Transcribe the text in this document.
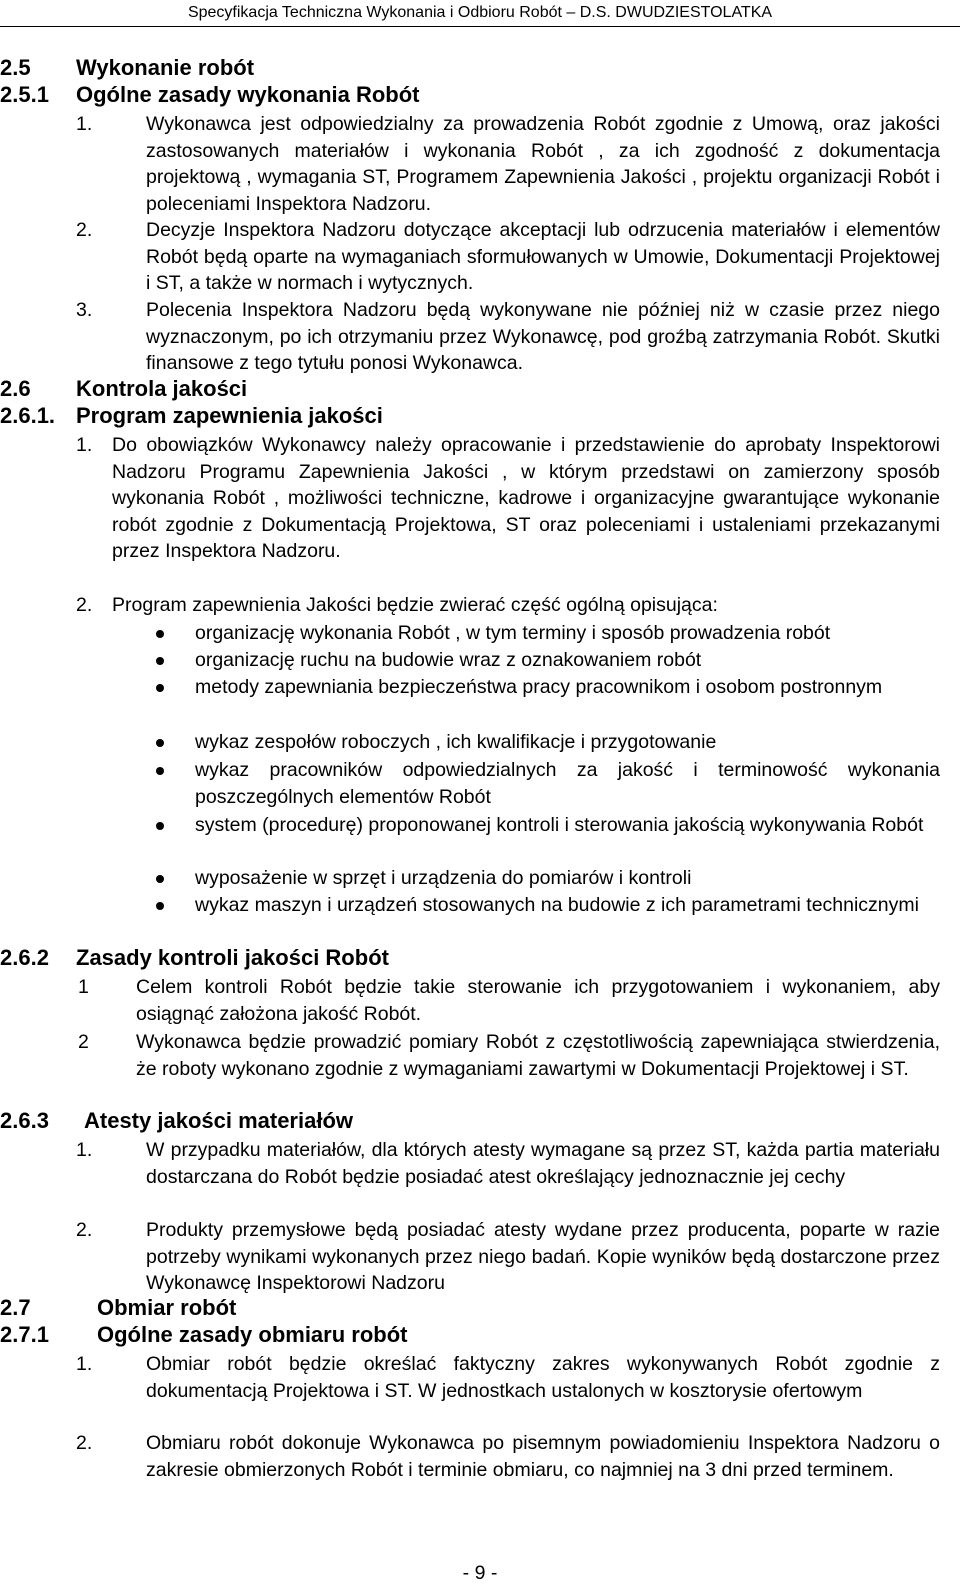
Specyfikacja Techniczna Wykonania i Odbioru Robót – D.S. DWUDZIESTOLATKA
2.5 Wykonanie robót
2.5.1 Ogólne zasady wykonania Robót
1.	Wykonawca jest odpowiedzialny za prowadzenia Robót zgodnie z Umową, oraz jakości zastosowanych materiałów i wykonania Robót , za ich zgodność z dokumentacja projektową , wymagania ST, Programem Zapewnienia Jakości , projektu organizacji Robót i poleceniami Inspektora Nadzoru.
2.	Decyzje Inspektora Nadzoru dotyczące akceptacji lub odrzucenia materiałów i elementów Robót będą oparte na wymaganiach sformułowanych w Umowie, Dokumentacji Projektowej i ST, a także w normach i wytycznych.
3.	Polecenia Inspektora Nadzoru będą wykonywane nie później niż w czasie przez niego wyznaczonym, po ich otrzymaniu przez Wykonawcę, pod groźbą zatrzymania Robót. Skutki finansowe z tego tytułu ponosi Wykonawca.
2.6 Kontrola jakości
2.6.1. Program zapewnienia jakości
1. Do obowiązków Wykonawcy należy opracowanie i przedstawienie do aprobaty Inspektorowi Nadzoru Programu Zapewnienia Jakości , w którym przedstawi on zamierzony sposób wykonania Robót , możliwości techniczne, kadrowe i organizacyjne gwarantujące wykonanie robót zgodnie z Dokumentacją Projektowa, ST oraz poleceniami i ustaleniami przekazanymi przez Inspektora Nadzoru.
2. Program zapewnienia Jakości będzie zwierać część ogólną opisująca:
organizację wykonania Robót , w tym terminy i sposób prowadzenia robót
organizację ruchu na budowie wraz z oznakowaniem robót
metody zapewniania bezpieczeństwa pracy pracownikom i osobom postronnym
wykaz zespołów roboczych , ich kwalifikacje i przygotowanie
wykaz pracowników odpowiedzialnych za jakość i terminowość wykonania poszczególnych elementów Robót
system (procedurę) proponowanej kontroli i sterowania jakością wykonywania Robót
wyposażenie w sprzęt i urządzenia do pomiarów i kontroli
wykaz maszyn i urządzeń stosowanych na budowie z ich parametrami technicznymi
2.6.2 Zasady kontroli jakości Robót
1 Celem kontroli Robót będzie takie sterowanie ich przygotowaniem i wykonaniem, aby osiągnąć założona jakość Robót.
2 Wykonawca będzie prowadzić pomiary Robót z częstotliwością zapewniająca stwierdzenia, że roboty wykonano zgodnie z wymaganiami zawartymi w Dokumentacji Projektowej i ST.
2.6.3 Atesty jakości materiałów
1.	W przypadku materiałów, dla których atesty wymagane są przez ST, każda partia materiału dostarczana do Robót będzie posiadać atest określający jednoznacznie jej cechy
2.	Produkty przemysłowe będą posiadać atesty wydane przez producenta, poparte w razie potrzeby wynikami wykonanych przez niego badań. Kopie wyników będą dostarczone przez Wykonawcę Inspektorowi Nadzoru
2.7	Obmiar robót
2.7.1 Ogólne zasady obmiaru robót
1.	Obmiar robót będzie określać faktyczny zakres wykonywanych Robót zgodnie z dokumentacją Projektowa i ST. W jednostkach ustalonych w kosztorysie ofertowym
2.	Obmiaru robót dokonuje Wykonawca po pisemnym powiadomieniu Inspektora Nadzoru o zakresie obmierzonych Robót i terminie obmiaru, co najmniej na 3 dni przed terminem.
- 9 -
